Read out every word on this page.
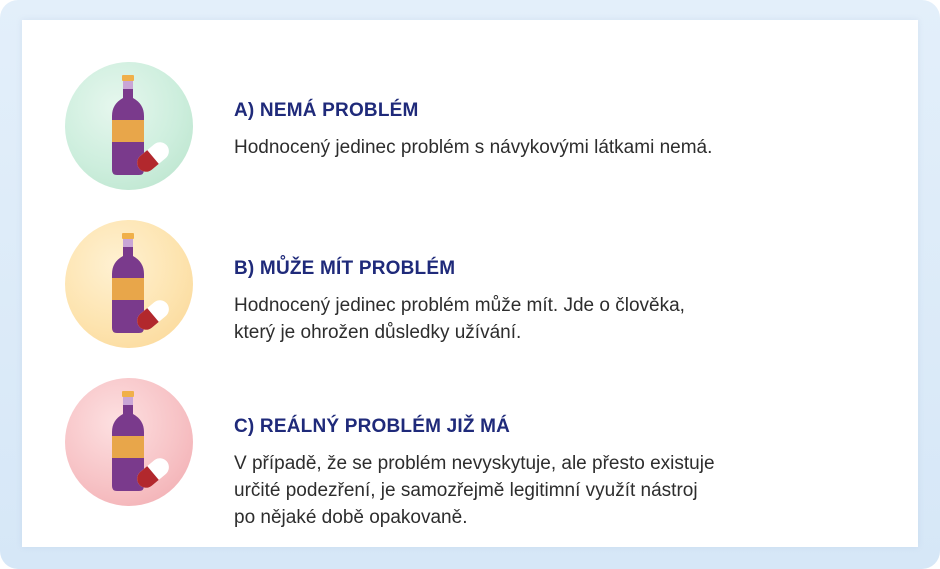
A) NEMÁ PROBLÉM
Hodnocený jedinec problém s návykovými látkami nemá.
B) MŮŽE MÍT PROBLÉM
Hodnocený jedinec problém může mít. Jde o člověka,
který je ohrožen důsledky užívání.
C) REÁLNÝ PROBLÉM JIŽ MÁ
V případě, že se problém nevyskytuje, ale přesto existuje
určité podezření, je samozřejmě legitimní využít nástroj
po nějaké době opakovaně.
